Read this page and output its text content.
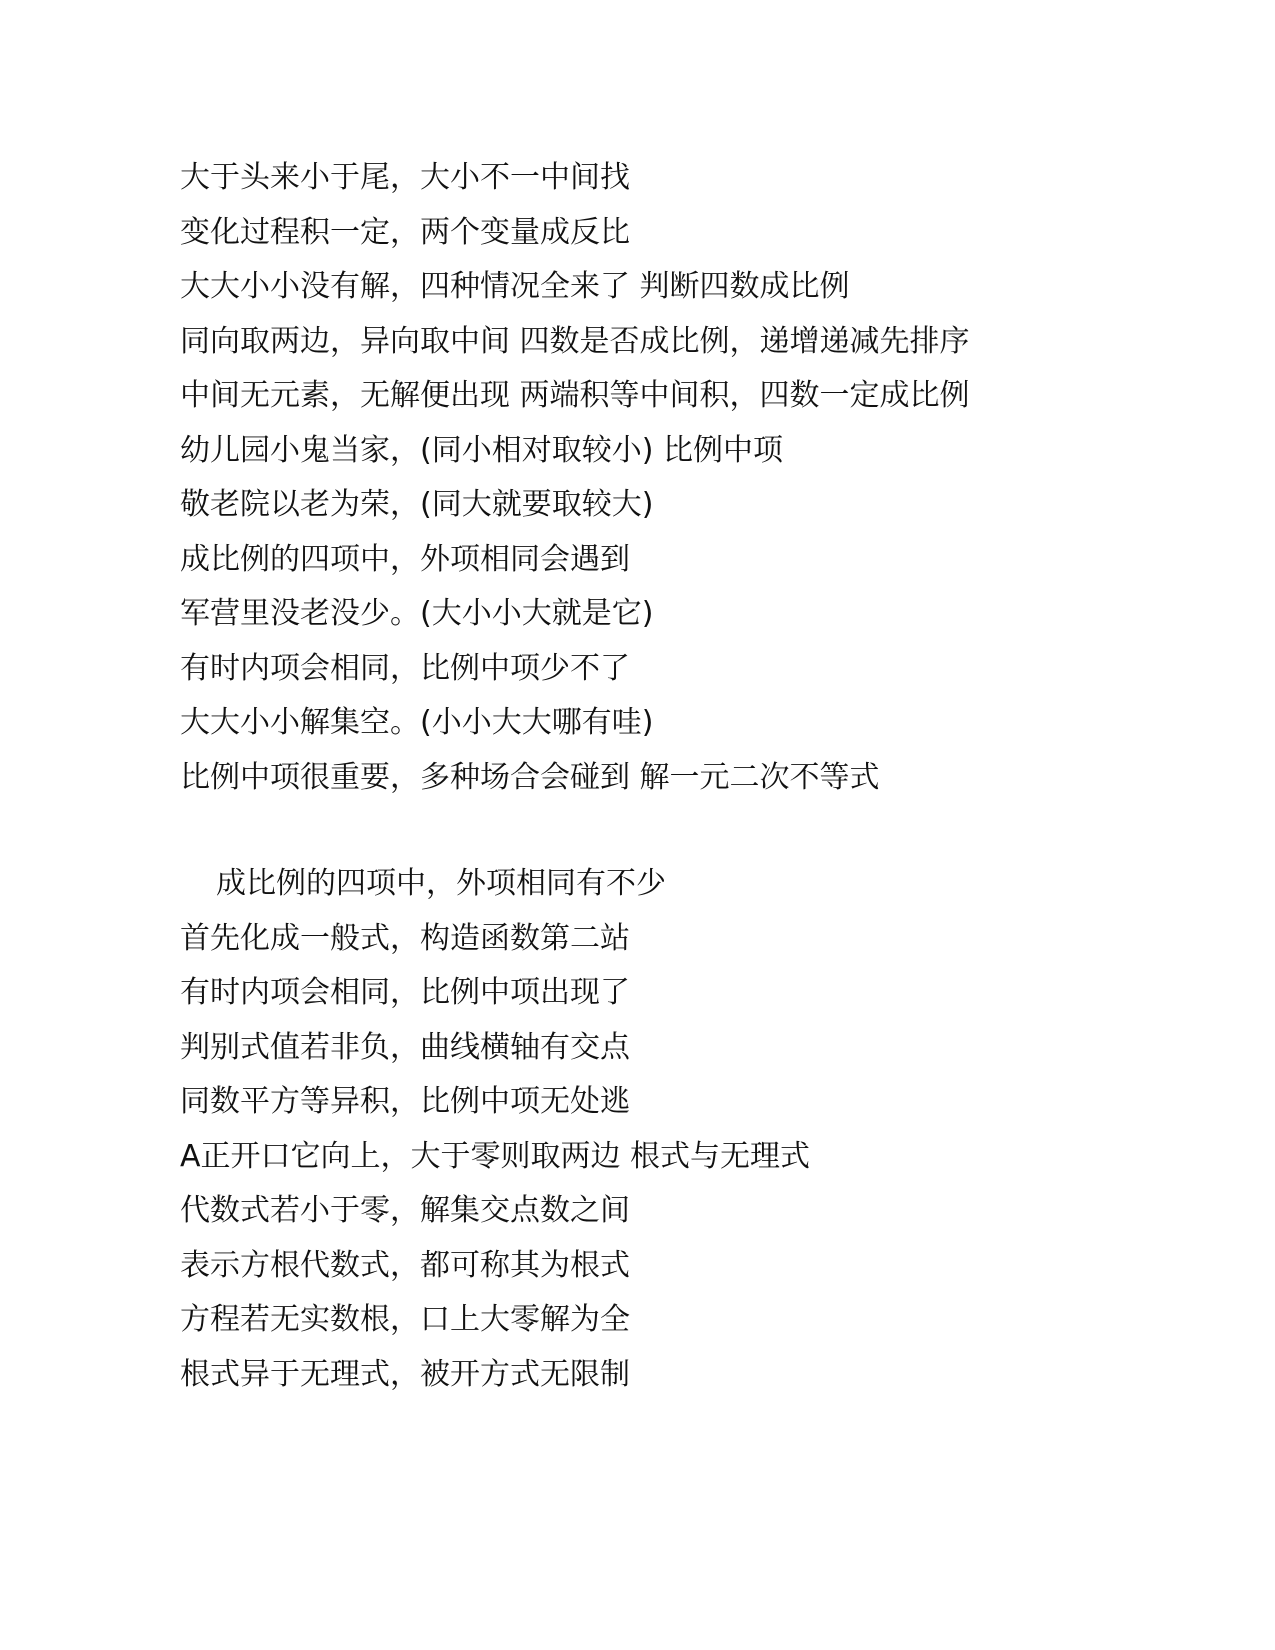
大于头来小于尾，大小不一中间找
变化过程积一定，两个变量成反比
大大小小没有解，四种情况全来了 判断四数成比例
同向取两边，异向取中间 四数是否成比例，递增递减先排序
中间无元素，无解便出现 两端积等中间积，四数一定成比例
幼儿园小鬼当家，(同小相对取较小) 比例中项
敬老院以老为荣，(同大就要取较大)
成比例的四项中，外项相同会遇到
军营里没老没少。(大小小大就是它)
有时内项会相同，比例中项少不了
大大小小解集空。(小小大大哪有哇)
比例中项很重要，多种场合会碰到 解一元二次不等式
成比例的四项中，外项相同有不少
首先化成一般式，构造函数第二站
有时内项会相同，比例中项出现了
判别式值若非负，曲线横轴有交点
同数平方等异积，比例中项无处逃
A正开口它向上，大于零则取两边 根式与无理式
代数式若小于零，解集交点数之间
表示方根代数式，都可称其为根式
方程若无实数根，口上大零解为全
根式异于无理式，被开方式无限制
